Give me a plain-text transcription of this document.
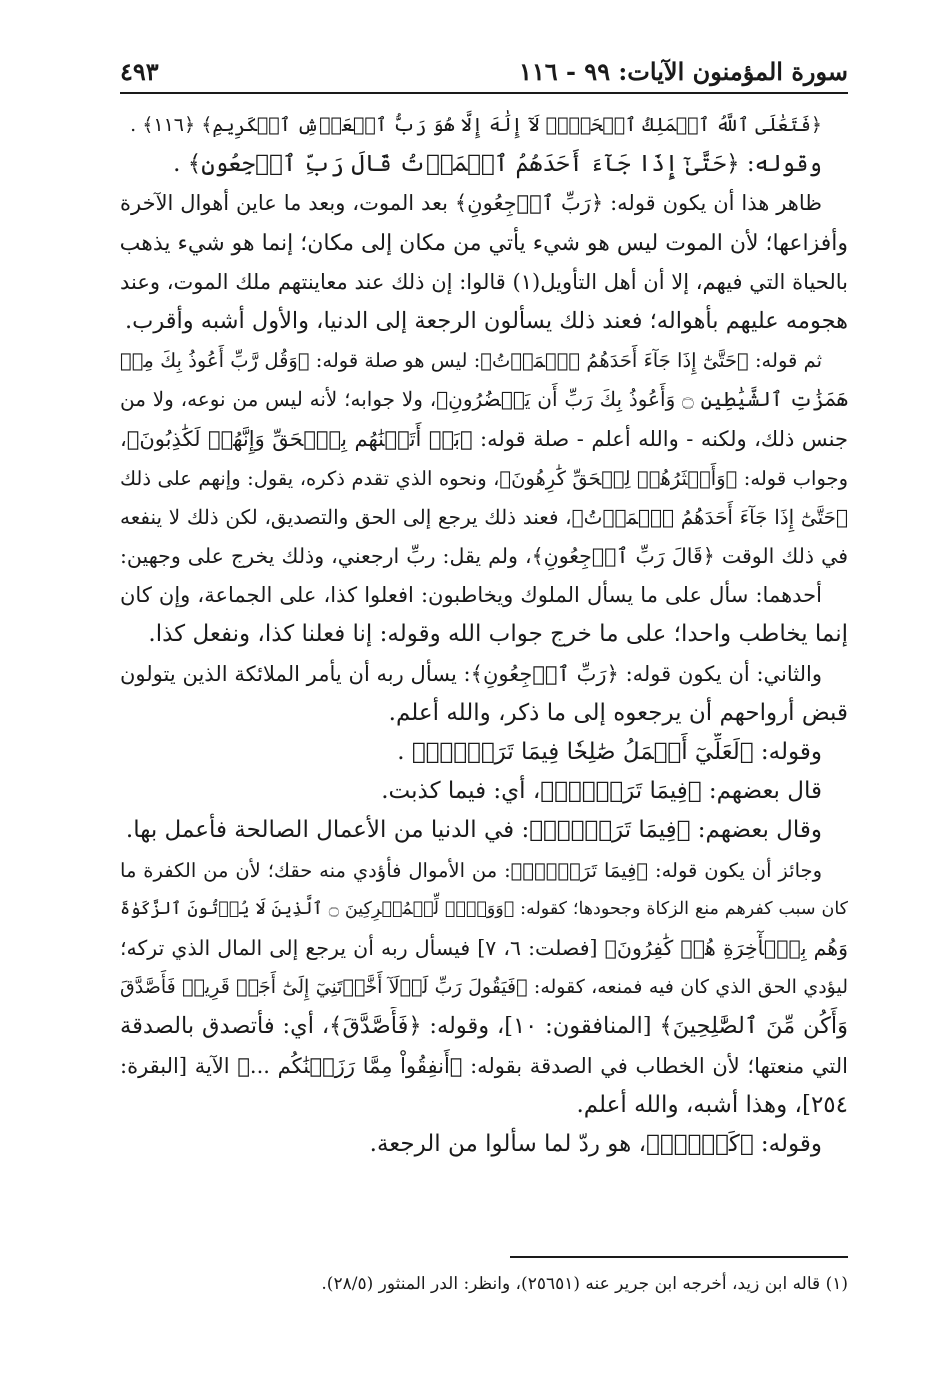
سورة المؤمنون الآيات: ٩٩ - ١١٦
٤٩٣
﴿فَتَعَٰلَى ٱللَّهُ ٱلۡمَلِكُ ٱلۡحَقُّۖ لَآ إِلَٰهَ إِلَّا هُوَ رَبُّ ٱلۡعَرۡشِ ٱلۡكَرِيمِ﴾ ﴿١١٦﴾ .
وقوله: ﴿حَتَّىٰٓ إِذَا جَآءَ أَحَدَهُمُ ٱلۡمَوۡتُ قَالَ رَبِّ ٱرۡجِعُونِ﴾ .
ظاهر هذا أن يكون قوله: ﴿رَبِّ ٱرۡجِعُونِ﴾ بعد الموت، وبعد ما عاين أهوال الآخرة
وأفزاعها؛ لأن الموت ليس هو شيء يأتي من مكان إلى مكان؛ إنما هو شيء يذهب
بالحياة التي فيهم، إلا أن أهل التأويل(١) قالوا: إن ذلك عند معاينتهم ملك الموت، وعند
هجومه عليهم بأهواله؛ فعند ذلك يسألون الرجعة إلى الدنيا، والأول أشبه وأقرب.
ثم قوله: ﴿حَتَّىٰٓ إِذَا جَآءَ أَحَدَهُمُ ٱلۡمَوۡتُ﴾: ليس هو صلة قوله: ﴿وَقُل رَّبِّ أَعُوذُ بِكَ مِنۡ
هَمَزَٰتِ ٱلشَّيَٰطِينِ ۝ وَأَعُوذُ بِكَ رَبِّ أَن يَحۡضُرُونِ﴾، ولا جوابه؛ لأنه ليس من نوعه، ولا من
جنس ذلك، ولكنه - والله أعلم - صلة قوله: ﴿بَلۡ أَتَيۡنَٰهُم بِٱلۡحَقِّ وَإِنَّهُمۡ لَكَٰذِبُونَ﴾،
وجواب قوله: ﴿وَأَكۡثَرُهُمۡ لِلۡحَقِّ كَٰرِهُونَ﴾، ونحوه الذي تقدم ذكره، يقول: وإنهم على ذلك
﴿حَتَّىٰٓ إِذَا جَآءَ أَحَدَهُمُ ٱلۡمَوۡتُ﴾، فعند ذلك يرجع إلى الحق والتصديق، لكن ذلك لا ينفعه
في ذلك الوقت ﴿قَالَ رَبِّ ٱرۡجِعُونِ﴾، ولم يقل: ربِّ ارجعني، وذلك يخرج على وجهين:
أحدهما: سأل على ما يسأل الملوك ويخاطبون: افعلوا كذا، على الجماعة، وإن كان
إنما يخاطب واحدا؛ على ما خرج جواب الله وقوله: إنا فعلنا كذا، ونفعل كذا.
والثاني: أن يكون قوله: ﴿رَبِّ ٱرۡجِعُونِ﴾: يسأل ربه أن يأمر الملائكة الذين يتولون
قبض أرواحهم أن يرجعوه إلى ما ذكر، والله أعلم.
وقوله: ﴿لَعَلِّيٓ أَعۡمَلُ صَٰلِحٗا فِيمَا تَرَكۡتُۚ﴾ .
قال بعضهم: ﴿فِيمَا تَرَكۡتُۚ﴾، أي: فيما كذبت.
وقال بعضهم: ﴿فِيمَا تَرَكۡتُۚ﴾: في الدنيا من الأعمال الصالحة فأعمل بها.
وجائز أن يكون قوله: ﴿فِيمَا تَرَكۡتُۚ﴾: من الأموال فأؤدي منه حقك؛ لأن من الكفرة ما
كان سبب كفرهم منع الزكاة وجحودها؛ كقوله: ﴿وَوَيۡلٞ لِّلۡمُشۡرِكِينَ ۝ ٱلَّذِينَ لَا يُؤۡتُونَ ٱلزَّكَوٰةَ
وَهُم بِٱلۡأٓخِرَةِ هُمۡ كَٰفِرُونَ﴾ [فصلت: ٦، ٧] فيسأل ربه أن يرجع إلى المال الذي تركه؛
ليؤدي الحق الذي كان فيه فمنعه، كقوله: ﴿فَيَقُولَ رَبِّ لَوۡلَآ أَخَّرۡتَنِيٓ إِلَىٰٓ أَجَلٖ قَرِيبٖ فَأَصَّدَّقَ
وَأَكُن مِّنَ ٱلصَّٰلِحِينَ﴾ [المنافقون: ١٠]، وقوله: ﴿فَأَصَّدَّقَ﴾، أي: فأتصدق بالصدقة
التي منعتها؛ لأن الخطاب في الصدقة بقوله: ﴿أَنفِقُواْ مِمَّا رَزَقۡنَٰكُم ...﴾ الآية [البقرة:
٢٥٤]، وهذا أشبه، والله أعلم.
وقوله: ﴿كَلَّآۚ﴾، هو ردّ لما سألوا من الرجعة.
(١) قاله ابن زيد، أخرجه ابن جرير عنه (٢٥٦٥١)، وانظر: الدر المنثور (٢٨/٥).
